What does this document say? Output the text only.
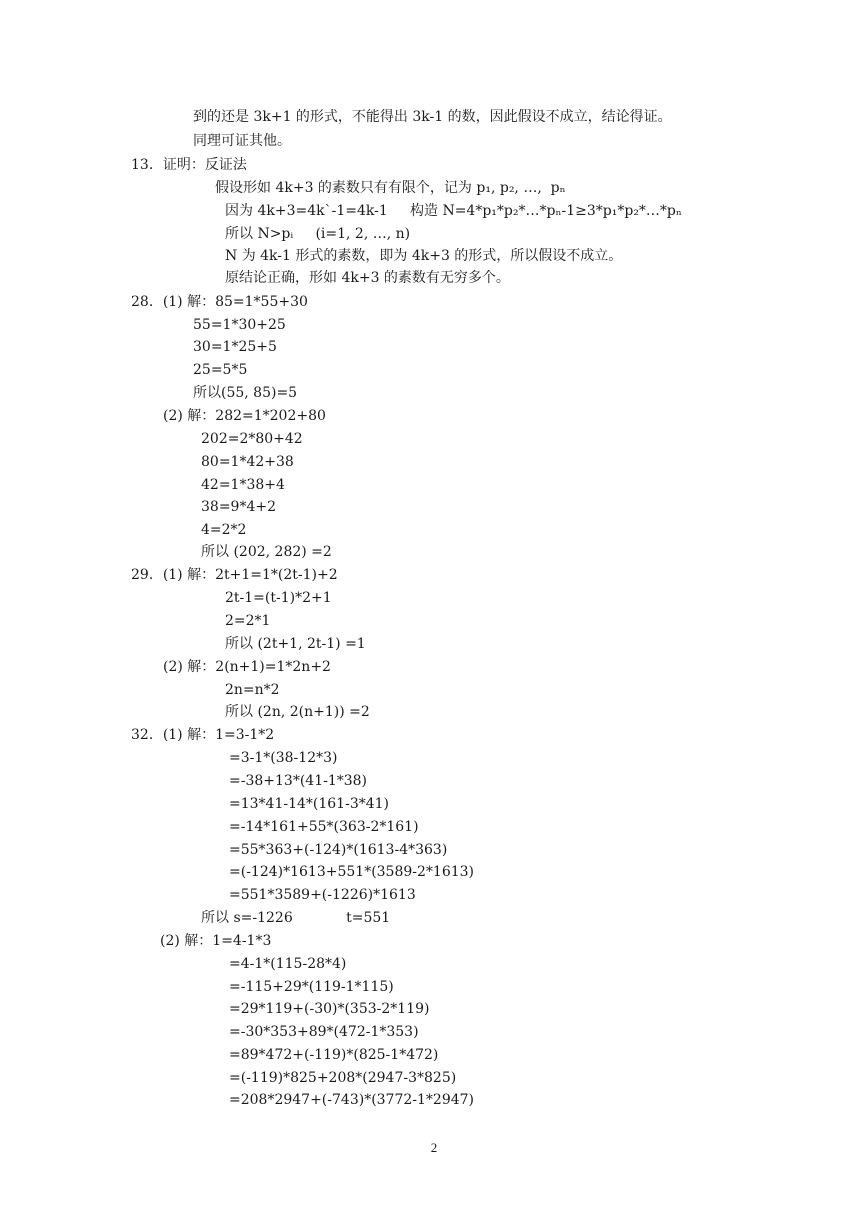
到的还是 3k+1 的形式，不能得出 3k-1 的数，因此假设不成立，结论得证。
同理可证其他。
13．证明：反证法
假设形如 4k+3 的素数只有有限个，记为 p₁, p₂, …,  pₙ
因为 4k+3=4k`-1=4k-1     构造 N=4*p₁*p₂*…*pₙ-1≥3*p₁*p₂*…*pₙ
所以 N>pᵢ     (i=1, 2, …, n)
N 为 4k-1 形式的素数，即为 4k+3 的形式，所以假设不成立。
原结论正确，形如 4k+3 的素数有无穷多个。
28．(1) 解：85=1*55+30
55=1*30+25
30=1*25+5
25=5*5
所以(55, 85)=5
(2) 解：282=1*202+80
202=2*80+42
80=1*42+38
42=1*38+4
38=9*4+2
4=2*2
所以 (202, 282) =2
29．(1) 解：2t+1=1*(2t-1)+2
2t-1=(t-1)*2+1
2=2*1
所以 (2t+1, 2t-1) =1
(2) 解：2(n+1)=1*2n+2
2n=n*2
所以 (2n, 2(n+1)) =2
32．(1) 解：1=3-1*2
=3-1*(38-12*3)
=-38+13*(41-1*38)
=13*41-14*(161-3*41)
=-14*161+55*(363-2*161)
=55*363+(-124)*(1613-4*363)
=(-124)*1613+551*(3589-2*1613)
=551*3589+(-1226)*1613
所以 s=-1226            t=551
(2) 解：1=4-1*3
=4-1*(115-28*4)
=-115+29*(119-1*115)
=29*119+(-30)*(353-2*119)
=-30*353+89*(472-1*353)
=89*472+(-119)*(825-1*472)
=(-119)*825+208*(2947-3*825)
=208*2947+(-743)*(3772-1*2947)
2
